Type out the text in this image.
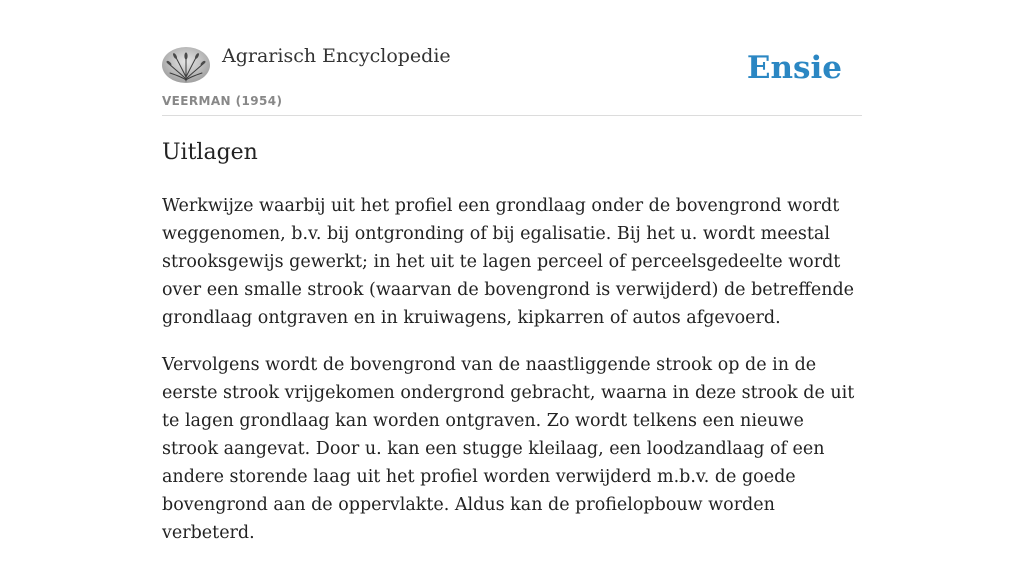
Agrarisch Encyclopedie
VEERMAN (1954)
Ensie
Uitlagen

Werkwijze waarbij uit het profiel een grondlaag onder de bovengrond wordt weggenomen, b.v. bij ontgronding of bij egalisatie. Bij het u. wordt meestal strooksgewijs gewerkt; in het uit te lagen perceel of perceelsgedeelte wordt over een smalle strook (waarvan de bovengrond is verwijderd) de betreffende grondlaag ontgraven en in kruiwagens, kipkarren of autos afgevoerd.

Vervolgens wordt de bovengrond van de naastliggende strook op de in de eerste strook vrijgekomen ondergrond gebracht, waarna in deze strook de uit te lagen grondlaag kan worden ontgraven. Zo wordt telkens een nieuwe strook aangevat. Door u. kan een stugge kleilaag, een loodzandlaag of een andere storende laag uit het profiel worden verwijderd m.b.v. de goede bovengrond aan de oppervlakte. Aldus kan de profielopbouw worden verbeterd.
